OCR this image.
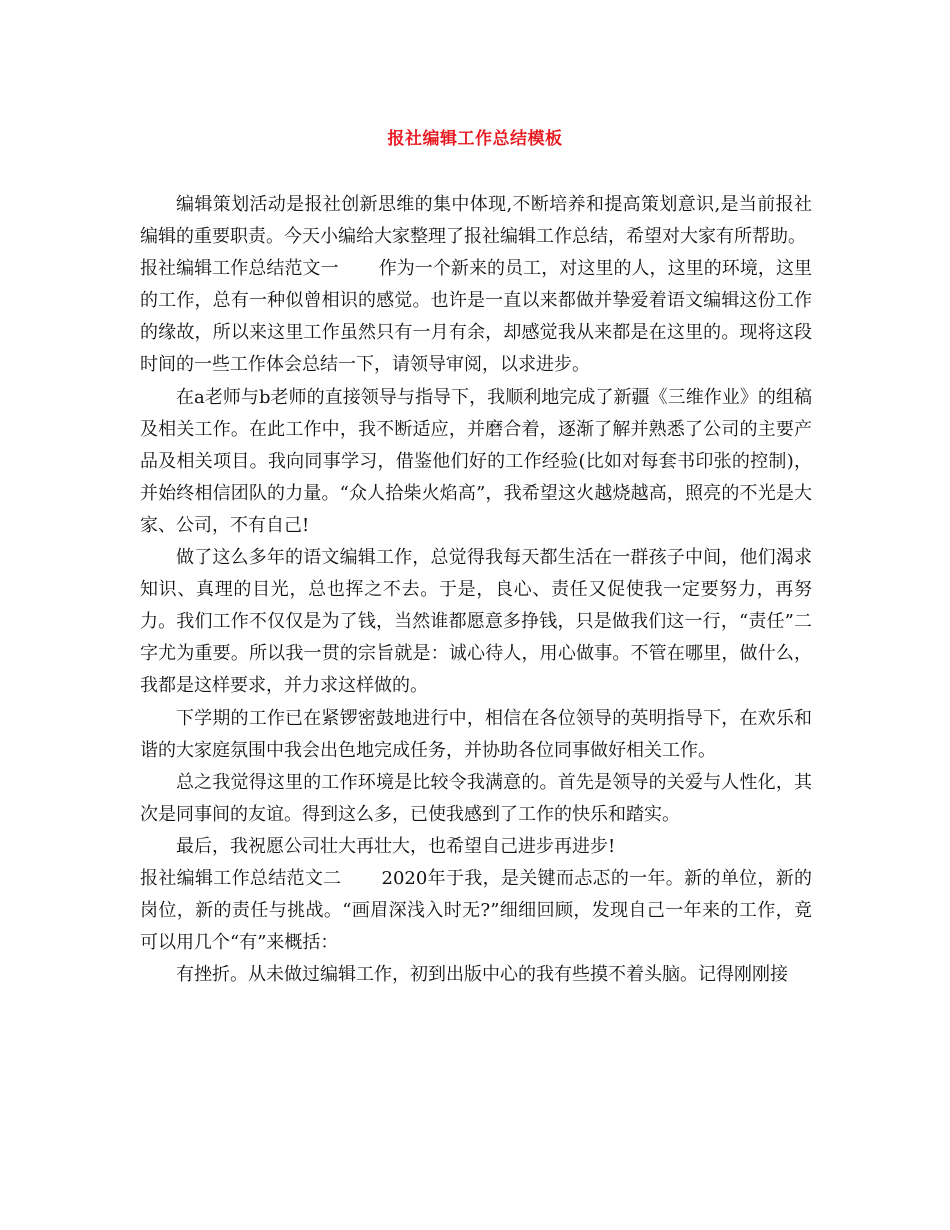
报社编辑工作总结模板

编辑策划活动是报社创新思维的集中体现,不断培养和提高策划意识,是当前报社编辑的重要职责。今天小编给大家整理了报社编辑工作总结，希望对大家有所帮助。

报社编辑工作总结范文一 作为一个新来的员工，对这里的人，这里的环境，这里的工作，总有一种似曾相识的感觉。也许是一直以来都做并挚爱着语文编辑这份工作的缘故，所以来这里工作虽然只有一月有余，却感觉我从来都是在这里的。现将这段时间的一些工作体会总结一下，请领导审阅，以求进步。

在a老师与b老师的直接领导与指导下，我顺利地完成了新疆《三维作业》的组稿及相关工作。在此工作中，我不断适应，并磨合着，逐渐了解并熟悉了公司的主要产品及相关项目。我向同事学习，借鉴他们好的工作经验(比如对每套书印张的控制)，并始终相信团队的力量。“众人拾柴火焰高”，我希望这火越烧越高，照亮的不光是大家、公司，不有自己!

做了这么多年的语文编辑工作，总觉得我每天都生活在一群孩子中间，他们渴求知识、真理的目光，总也挥之不去。于是，良心、责任又促使我一定要努力，再努力。我们工作不仅仅是为了钱，当然谁都愿意多挣钱，只是做我们这一行，“责任”二字尤为重要。所以我一贯的宗旨就是：诚心待人，用心做事。不管在哪里，做什么，我都是这样要求，并力求这样做的。

下学期的工作已在紧锣密鼓地进行中，相信在各位领导的英明指导下，在欢乐和谐的大家庭氛围中我会出色地完成任务，并协助各位同事做好相关工作。

总之我觉得这里的工作环境是比较令我满意的。首先是领导的关爱与人性化，其次是同事间的友谊。得到这么多，已使我感到了工作的快乐和踏实。

最后，我祝愿公司壮大再壮大，也希望自己进步再进步!

报社编辑工作总结范文二 2020年于我，是关键而忐忑的一年。新的单位，新的岗位，新的责任与挑战。“画眉深浅入时无?”细细回顾，发现自己一年来的工作，竟可以用几个“有”来概括：

有挫折。从未做过编辑工作，初到出版中心的我有些摸不着头脑。记得刚刚接
